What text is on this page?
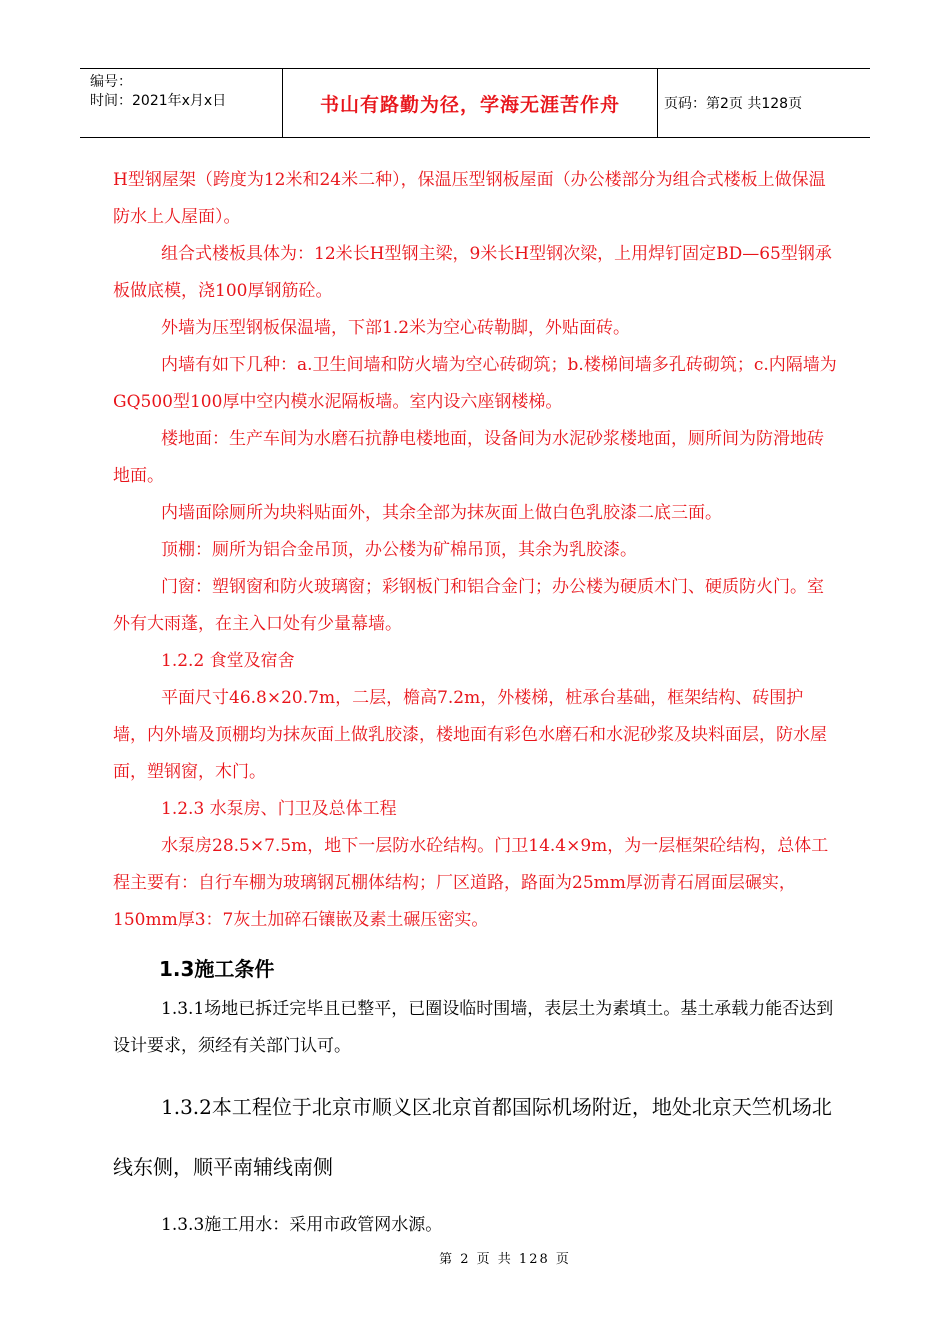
编号：
时间：2021年x月x日	书山有路勤为径，学海无涯苦作舟	页码：第2页 共128页

H型钢屋架（跨度为12米和24米二种），保温压型钢板屋面（办公楼部分为组合式楼板上做保温防水上人屋面）。

组合式楼板具体为：12米长H型钢主梁，9米长H型钢次梁，上用焊钉固定BD—65型钢承板做底模，浇100厚钢筋砼。

外墙为压型钢板保温墙，下部1.2米为空心砖勒脚，外贴面砖。

内墙有如下几种：a.卫生间墙和防火墙为空心砖砌筑；b.楼梯间墙多孔砖砌筑；c.内隔墙为GQ500型100厚中空内模水泥隔板墙。室内设六座钢楼梯。

楼地面：生产车间为水磨石抗静电楼地面，设备间为水泥砂浆楼地面，厕所间为防滑地砖地面。

内墙面除厕所为块料贴面外，其余全部为抹灰面上做白色乳胶漆二底三面。

顶棚：厕所为铝合金吊顶，办公楼为矿棉吊顶，其余为乳胶漆。

门窗：塑钢窗和防火玻璃窗；彩钢板门和铝合金门；办公楼为硬质木门、硬质防火门。室外有大雨蓬，在主入口处有少量幕墙。

1.2.2 食堂及宿舍

平面尺寸46.8×20.7m，二层，檐高7.2m，外楼梯，桩承台基础，框架结构、砖围护墙，内外墙及顶棚均为抹灰面上做乳胶漆，楼地面有彩色水磨石和水泥砂浆及块料面层，防水屋面，塑钢窗，木门。

1.2.3 水泵房、门卫及总体工程

水泵房28.5×7.5m，地下一层防水砼结构。门卫14.4×9m，为一层框架砼结构，总体工程主要有：自行车棚为玻璃钢瓦棚体结构；厂区道路，路面为25mm厚沥青石屑面层碾实，150mm厚3：7灰土加碎石镶嵌及素土碾压密实。

1.3施工条件

1.3.1场地已拆迁完毕且已整平，已圈设临时围墙，表层土为素填土。基土承载力能否达到设计要求，须经有关部门认可。

1.3.2本工程位于北京市顺义区北京首都国际机场附近，地处北京天竺机场北线东侧，顺平南辅线南侧

1.3.3施工用水：采用市政管网水源。

第 2 页 共 128 页
